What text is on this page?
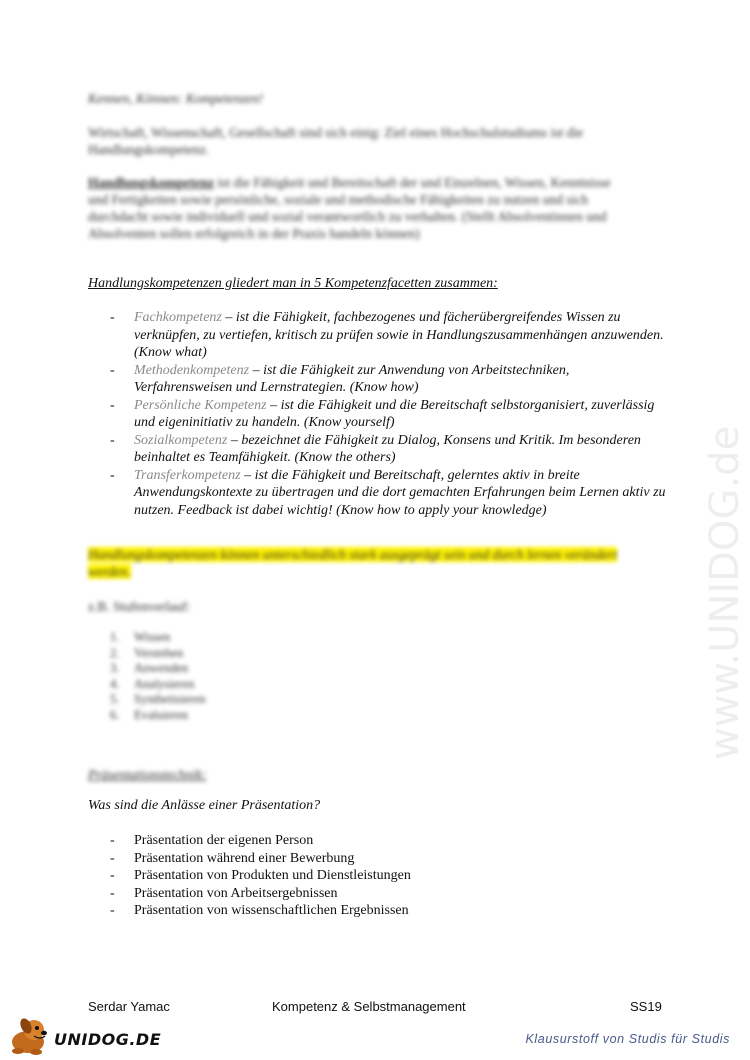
www.UNIDOG.de
Kennen, Können: Kompetenzen!
Wirtschaft, Wissenschaft, Gesellschaft sind sich einig: Ziel eines Hochschulstudiums ist die Handlungskompetenz.
Handlungskompetenz ist die Fähigkeit und Bereitschaft der und Einzelnen, Wissen, Kenntnisse und Fertigkeiten sowie persönliche, soziale und methodische Fähigkeiten zu nutzen und sich durchdacht sowie individuell und sozial verantwortlich zu verhalten. (Stellt Absolventinnen und Absolventen sollen erfolgreich in der Praxis handeln können)
Handlungskompetenzen gliedert man in 5 Kompetenzfacetten zusammen:
- Fachkompetenz – ist die Fähigkeit, fachbezogenes und fächerübergreifendes Wissen zu verknüpfen, zu vertiefen, kritisch zu prüfen sowie in Handlungszusammenhängen anzuwenden. (Know what)
- Methodenkompetenz – ist die Fähigkeit zur Anwendung von Arbeitstechniken, Verfahrensweisen und Lernstrategien. (Know how)
- Persönliche Kompetenz – ist die Fähigkeit und die Bereitschaft selbstorganisiert, zuverlässig und eigeninitiativ zu handeln. (Know yourself)
- Sozialkompetenz – bezeichnet die Fähigkeit zu Dialog, Konsens und Kritik. Im besonderen beinhaltet es Teamfähigkeit. (Know the others)
- Transferkompetenz – ist die Fähigkeit und Bereitschaft, gelerntes aktiv in breite Anwendungskontexte zu übertragen und die dort gemachten Erfahrungen beim Lernen aktiv zu nutzen. Feedback ist dabei wichtig! (Know how to apply your knowledge)
Handlungskompetenzen können unterschiedlich stark ausgeprägt sein und durch lernen verändert werden.
z.B. Stufenverlauf:
1. Wissen
2. Verstehen
3. Anwenden
4. Analysieren
5. Synthetisieren
6. Evaluieren
Präsentationstechnik:
Was sind die Anlässe einer Präsentation?
- Präsentation der eigenen Person
- Präsentation während einer Bewerbung
- Präsentation von Produkten und Dienstleistungen
- Präsentation von Arbeitsergebnissen
- Präsentation von wissenschaftlichen Ergebnissen
Serdar Yamac	Kompetenz & Selbstmanagement	SS19
UNIDOG.DE	Klausurstoff von Studis für Studis
